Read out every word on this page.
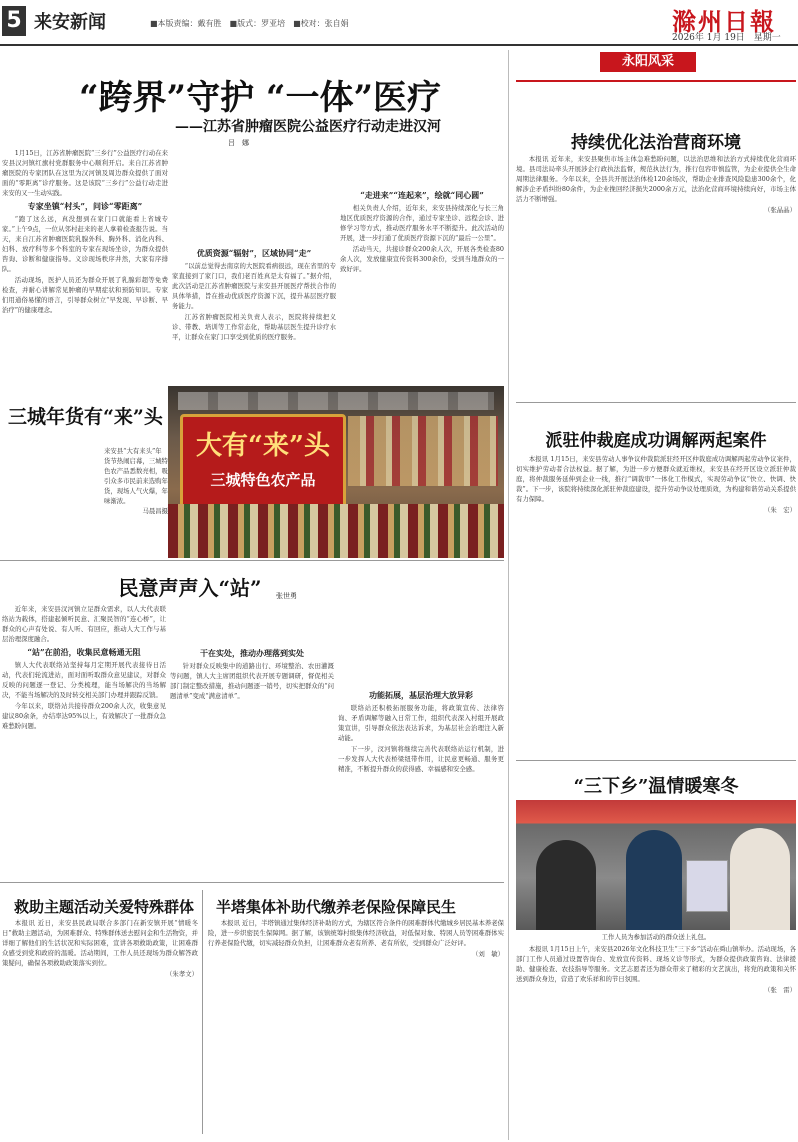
5 来安新闻	■本版责编：戴有胜　■版式：罗亚培　■校对：张自娟	滁州日報
2026年 1月 19日　星期一
“跨界”守护 “一体”医疗
——江苏省肿瘤医院公益医疗行动走进汉河
吕　娜

1月15日，江苏省肿瘤医院“三乡行”公益医疗行动在来安县汉河镇红旗村党群服务中心顺利开启。来自江苏省肿瘤医院的专家团队在这里为汉河镇及周边群众提供了面对面的“零距离”诊疗服务。这是该院“三乡行”公益行动走进来安的又一生动实践。

专家坐镇“村头”，问诊“零距离”

“跑了这么远，真没想到在家门口就能看上省城专家。”上午9点，一位从邻村赶来的老人拿着检查报告说。当天，来自江苏省肿瘤医院乳腺外科、胸外科、消化内科、妇科、放疗科等多个科室的专家在现场坐诊，为群众提供咨询、诊断和健康指导。义诊现场秩序井然，大家有序排队。

活动现场，医护人员还为群众开展了乳腺彩超等免费检查，并耐心讲解常见肿瘤的早期症状和预防知识。专家们用通俗易懂的语言，引导群众树立“早发现、早诊断、早治疗”的健康理念。

优质资源“辐射”，区域协同“走”

“以前总觉得去南京的大医院看病很远，现在省里的专家直接到了家门口，我们老百姓真是太有福了。”据介绍，此次活动是江苏省肿瘤医院与来安县开展医疗帮扶合作的具体举措，旨在推动优质医疗资源下沉，提升基层医疗服务能力。

江苏省肿瘤医院相关负责人表示，医院将持续把义诊、带教、培训等工作常态化，帮助基层医生提升诊疗水平，让群众在家门口享受到优质的医疗服务。

“走进来”“连起来”，绘就“同心圆”

相关负责人介绍，近年来，来安县持续深化与长三角地区优质医疗资源的合作，通过专家坐诊、远程会诊、进修学习等方式，推动医疗服务水平不断提升。此次活动的开展，进一步打通了优质医疗资源下沉的“最后一公里”。

活动当天，共接诊群众200余人次，开展各类检查80余人次，发放健康宣传资料300余份，受到当地群众的一致好评。

三城年货有“来”头
来安县“大有来头”年货节热闹启幕，三城特色农产品悉数亮相，吸引众多市民前来选购年货，现场人气火爆，年味渐浓。
马晨昌摄
大有“来”头
三城特色农产品
民意声声入“站”	张世勇

近年来，来安县汊河镇立足群众需求，以人大代表联络站为载体，搭建起倾听民意、汇聚民智的“连心桥”，让群众的心声有处说、有人听、有回应，推动人大工作与基层治理深度融合。

“站”在前沿，收集民意畅通无阻

镇人大代表联络站坚持每月定期开展代表接待日活动，代表们轮流进站，面对面听取群众意见建议，对群众反映的问题逐一登记、分类梳理，能当场解决的当场解决，不能当场解决的及时转交相关部门办理并跟踪反馈。

今年以来，联络站共接待群众200余人次，收集意见建议80余条，办结率达95%以上，有效解决了一批群众急难愁盼问题。

干在实处，推动办理落到实处

针对群众反映集中的道路出行、环境整治、农田灌溉等问题，镇人大主席团组织代表开展专题调研，督促相关部门制定整改措施，推动问题逐一销号，切实把群众的“问题清单”变成“满意清单”。	功能拓展，基层治理大放异彩

联络站还积极拓展服务功能，将政策宣传、法律咨询、矛盾调解等融入日常工作，组织代表深入村组开展政策宣讲，引导群众依法表达诉求，为基层社会治理注入新动能。

下一步，汊河镇将继续完善代表联络站运行机制，进一步发挥人大代表桥梁纽带作用，让民意更畅通、服务更精准，不断提升群众的获得感、幸福感和安全感。

救助主题活动关爱特殊群体

本报讯 近日，来安县民政局联合多部门在新安镇开展“情暖冬日”救助主题活动，为困难群众、特殊群体送去慰问金和生活物资，并详细了解他们的生活状况和实际困难，宣讲各项救助政策，让困难群众感受到党和政府的温暖。活动期间，工作人员还现场为群众解答政策疑问，确保各项救助政策落实到位。

（朱孝文）
半塔集体补助代缴养老保险保障民生

本报讯 近日，半塔镇通过集体经济补助的方式，为辖区符合条件的困难群体代缴城乡居民基本养老保险，进一步织密民生保障网。据了解，该镇统筹村级集体经济收益，对低保对象、特困人员等困难群体实行养老保险代缴，切实减轻群众负担，让困难群众老有所养、老有所依，受到群众广泛好评。

（刘　敏）
永阳风采
持续优化法治营商环境

本报讯 近年来，来安县聚焦市场主体急难愁盼问题，以法治思维和法治方式持续优化营商环境。县司法局牵头开展涉企行政执法监督，规范执法行为，推行包容审慎监管，为企业提供全生命周期法律服务。今年以来，全县共开展法治体检120余场次，帮助企业排查风险隐患300余个，化解涉企矛盾纠纷80余件，为企业挽回经济损失2000余万元，法治化营商环境持续向好，市场主体活力不断增强。

（张晶晶）
派驻仲裁庭成功调解两起案件

本报讯 1月15日，来安县劳动人事争议仲裁院派驻经开区仲裁庭成功调解两起劳动争议案件，切实维护劳动者合法权益。据了解，为进一步方便群众就近维权，来安县在经开区设立派驻仲裁庭，将仲裁服务延伸到企业一线，推行“调裁审”一体化工作模式，实现劳动争议“快立、快调、快裁”。下一步，该院将持续深化派驻仲裁庭建设，提升劳动争议处理质效，为构建和谐劳动关系提供有力保障。

（朱　宏）
“三下乡”温情暖寒冬
工作人员为参加活动的群众送上礼包。

本报讯 1月15日上午，来安县2026年文化科技卫生“三下乡”活动在舜山镇举办。活动现场，各部门工作人员通过设置咨询台、发放宣传资料、现场义诊等形式，为群众提供政策咨询、法律援助、健康检查、农技指导等服务。文艺志愿者还为群众带来了精彩的文艺演出，将党的政策和关怀送到群众身边，营造了欢乐祥和的节日氛围。

（张　雷）
